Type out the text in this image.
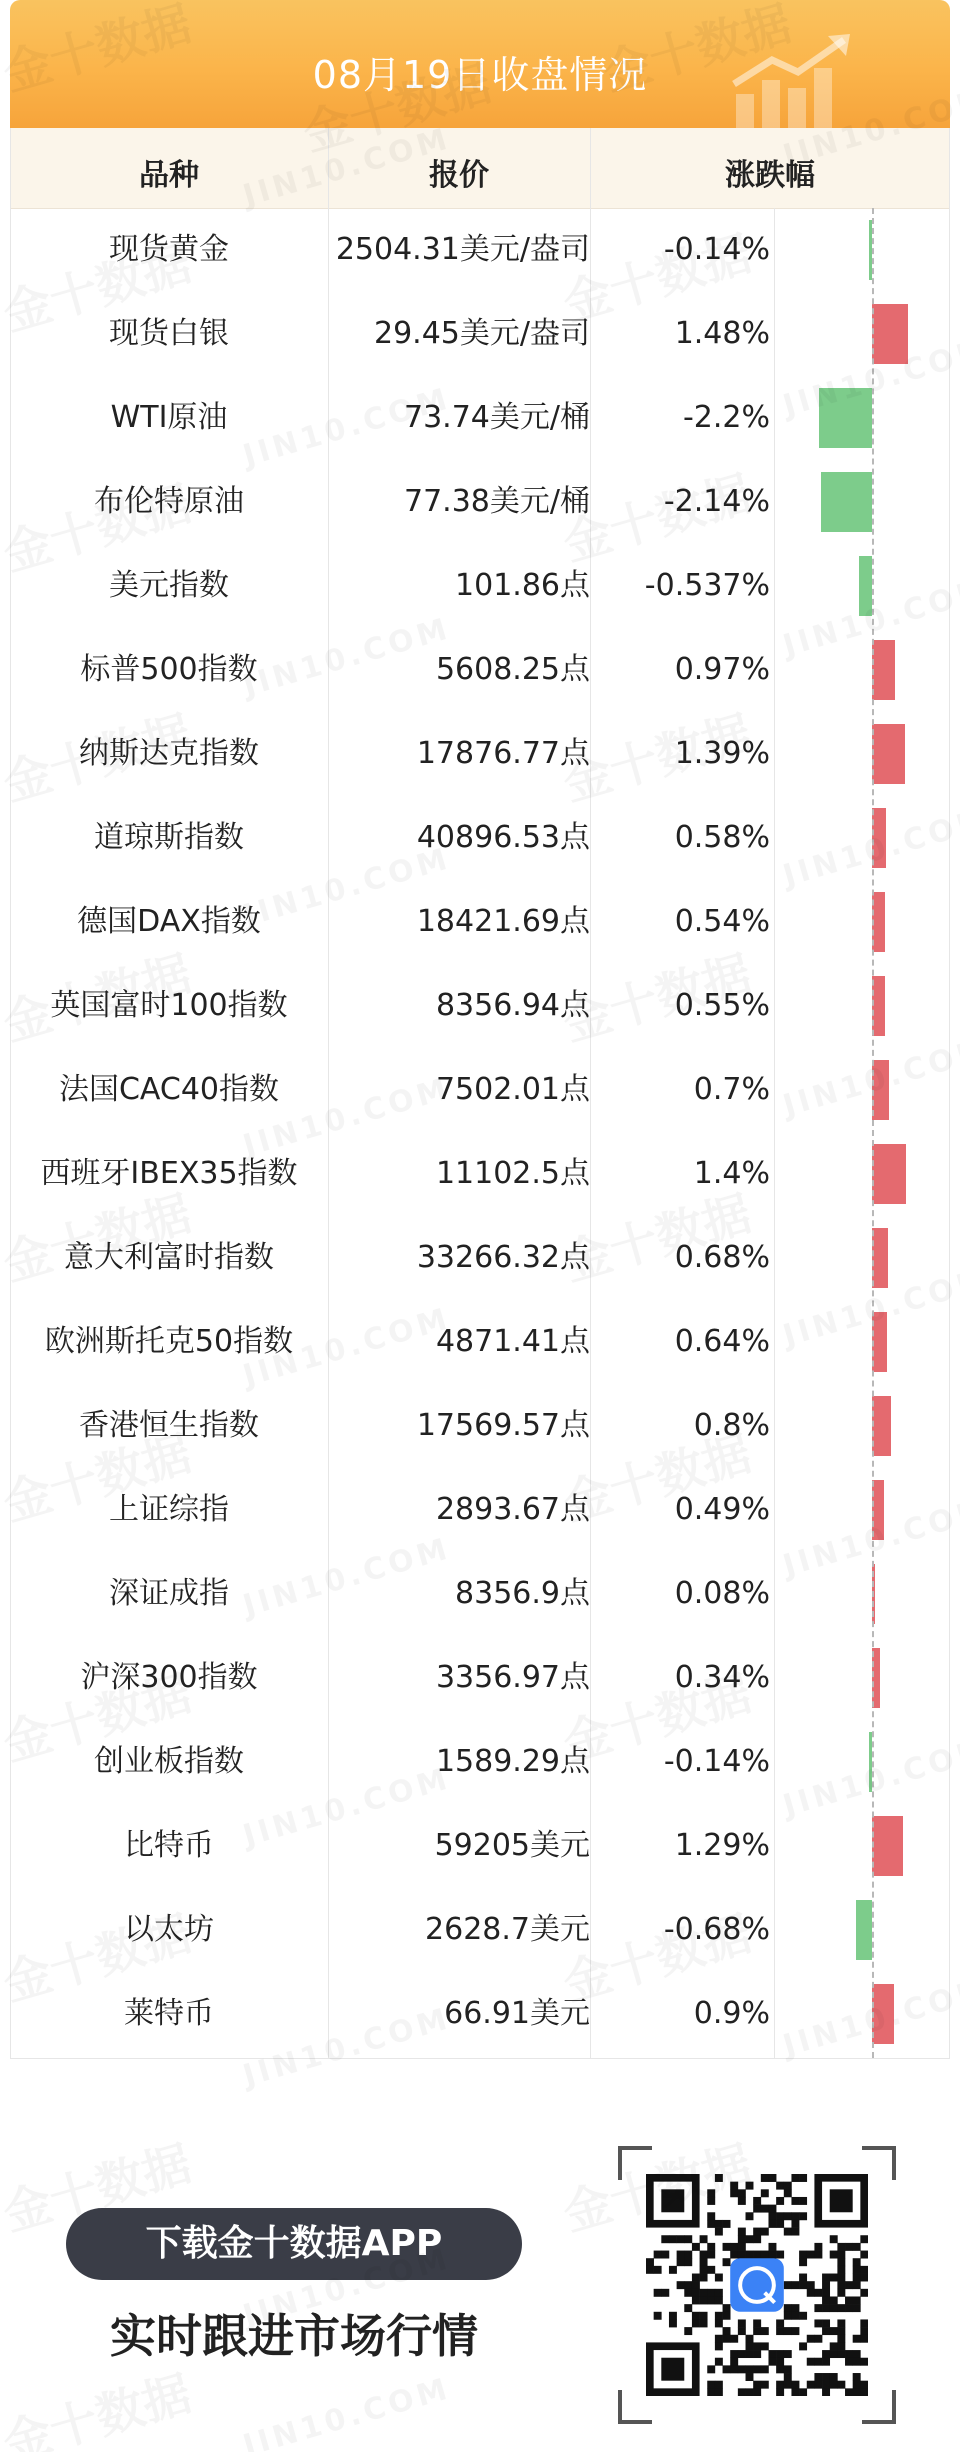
08月19日收盘情况
品种	报价	涨跌幅
现货黄金	2504.31美元/盎司	-0.14%
现货白银	29.45美元/盎司	1.48%
WTI原油	73.74美元/桶	-2.2%
布伦特原油	77.38美元/桶	-2.14%
美元指数	101.86点	-0.537%
标普500指数	5608.25点	0.97%
纳斯达克指数	17876.77点	1.39%
道琼斯指数	40896.53点	0.58%
德国DAX指数	18421.69点	0.54%
英国富时100指数	8356.94点	0.55%
法国CAC40指数	7502.01点	0.7%
西班牙IBEX35指数	11102.5点	1.4%
意大利富时指数	33266.32点	0.68%
欧洲斯托克50指数	4871.41点	0.64%
香港恒生指数	17569.57点	0.8%
上证综指	2893.67点	0.49%
深证成指	8356.9点	0.08%
沪深300指数	3356.97点	0.34%
创业板指数	1589.29点	-0.14%
比特币	59205美元	1.29%
以太坊	2628.7美元	-0.68%
莱特币	66.91美元	0.9%
下载金十数据APP
实时跟进市场行情
